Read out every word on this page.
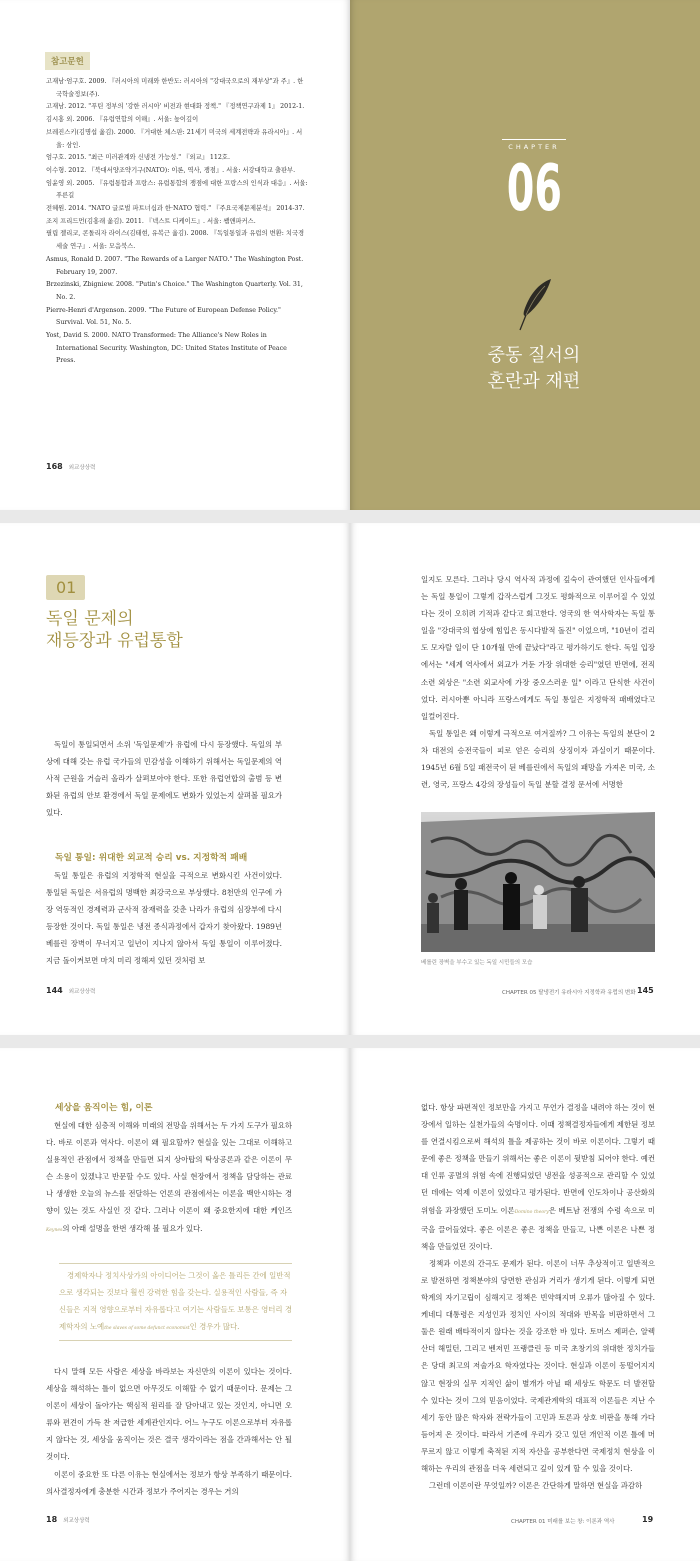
참고문헌

고재남·엄구호. 2009. 『러시아의 미래와 한반도: 러시아의 "강대국으로의 재부상"과 주』. 한국학술정보(주).

고재남. 2012. "푸틴 정부의 '강한 러시아' 비전과 현대화 정책." 『정책연구과제 1』 2012-1.

김시홍 외. 2006. 『유럽연합의 이해』. 서울: 높이깊이

브레진스키(김명섭 옮김). 2000. 『거대한 체스판: 21세기 미국의 세계전략과 유라시아』. 서울: 삼인.

엄구호. 2015. "최근 미러관계와 신냉전 가능성." 『외교』 112호.

이수형. 2012. 『북대서양조약기구(NATO): 이론, 역사, 쟁점』. 서울: 서강대학교 출판부.

임윤영 외. 2005. 『유럽통합과 프랑스: 유럽통합의 쟁점에 대한 프랑스의 인식과 대응』. 서울: 푸른길

전혜원. 2014. "NATO 글로벌 파트너십과 한·NATO 협력." 『주요국제문제분석』 2014-37.

조지 프리드먼(김홍래 옮김). 2011. 『넥스트 디케이드』. 서울: 쌤앤파커스.

필립 젤리코, 콘돌리자 라이스(김태현, 유복근 옮김). 2008. 『독일통일과 유럽의 변환: 치국경세술 연구』. 서울: 모음북스.

Asmus, Ronald D. 2007. "The Rewards of a Larger NATO." The Washington Post. February 19, 2007.

Brzezinski, Zbigniew. 2008. "Putin's Choice." The Washington Quarterly. Vol. 31, No. 2.

Pierre-Henri d'Argenson. 2009. "The Future of European Defense Policy." Survival. Vol. 51, No. 5.

Yost, David S. 2000. NATO Transformed: The Alliance's New Roles in International Security. Washington, DC: United States Institute of Peace Press.

168 외교상상력
CHAPTER
06
중동 질서의
혼란과 재편
01
독일 문제의
재등장과 유럽통합

독일이 통일되면서 소위 '독일문제'가 유럽에 다시 등장했다. 독일의 부상에 대해 갖는 유럽 국가들의 민감성을 이해하기 위해서는 독일문제의 역사적 근원을 거슬러 올라가 살펴보아야 한다. 또한 유럽연합의 출범 등 변화된 유럽의 안보 환경에서 독일 문제에도 변화가 있었는지 살펴볼 필요가 있다.

독일 통일: 위대한 외교적 승리 vs. 지정학적 패배

독일 통일은 유럽의 지정학적 현실을 극적으로 변화시킨 사건이었다. 통일된 독일은 서유럽의 명백한 최강국으로 부상했다. 8천만의 인구에 가장 역동적인 경제력과 군사적 잠재력을 갖춘 나라가 유럽의 심장부에 다시 등장한 것이다. 독일 통일은 냉전 종식과정에서 갑자기 찾아왔다. 1989년 베를린 장벽이 무너지고 일년이 지나지 않아서 독일 통일이 이루어졌다. 지금 돌이켜보면 마치 미리 정해져 있던 것처럼 보

144 외교상상력

일지도 모른다. 그러나 당시 역사적 과정에 깊숙이 관여했던 인사들에게는 독일 통일이 그렇게 갑작스럽게 그것도 평화적으로 이루어질 수 있었다는 것이 오히려 기적과 같다고 회고한다. 영국의 한 역사학자는 독일 통일을 "강대국의 협상에 힘입은 동시다발적 돌진" 이었으며, "10년이 걸리도 모자랄 일이 단 10개월 만에 끝났다"라고 평가하기도 한다. 독일 입장에서는 "세계 역사에서 외교가 거둔 가장 위대한 승리"였던 반면에, 전직 소련 외상은 "소련 외교사에 가장 중오스러운 일" 이라고 단식한 사건이었다. 러시아뿐 아니라 프랑스에게도 독일 통일은 지정학적 패배였다고 일컬어진다.

독일 통일은 왜 이렇게 극적으로 여겨질까? 그 이유는 독일의 분단이 2차 대전의 승전국들이 피로 얻은 승리의 상징이자 과실이기 때문이다. 1945년 6월 5일 패전국이 된 베를린에서 독일의 패망을 가져온 미국, 소련, 영국, 프랑스 4강의 장성들이 독일 분할 결정 문서에 서명한

베를린 장벽을 부수고 있는 독일 시민들의 모습
CHAPTER 05 탈냉전기 유라시아 지정학과 유럽의 변화 145
세상을 움직이는 힘, 이론

현실에 대한 심층적 이해와 미래의 전망을 위해서는 두 가지 도구가 필요하다. 바로 이론과 역사다. 이론이 왜 필요할까? 현실을 있는 그대로 이해하고 실용적인 관점에서 정책을 만들면 되지 상아탑의 탁상공론과 같은 이론이 무슨 소용이 있겠냐고 반문할 수도 있다. 사실 현장에서 정책을 담당하는 관료나 생생한 오늘의 뉴스를 전달하는 언론의 관점에서는 이론을 백안시하는 경향이 있는 것도 사실인 것 같다. 그러나 이론이 왜 중요한지에 대한 케인즈Keynes의 아래 설명을 한번 생각해 볼 필요가 있다.

경제학자나 정치사상가의 아이디어는 그것이 옳은 틀리든 간에 일반적으로 생각되는 것보다 훨씬 강력한 힘을 갖는다. 실용적인 사람들, 즉 자신들은 지적 영향으로부터 자유롭다고 여기는 사람들도 보통은 영터리 경제학자의 노예the slaves of some defunct economist인 경우가 많다.

다시 말해 모든 사람은 세상을 바라보는 자신만의 이론이 있다는 것이다. 세상을 해석하는 틀이 없으면 아무것도 이해할 수 없기 때문이다. 문제는 그 이론이 세상이 돌아가는 핵심적 원리를 잘 담아내고 있는 것인지, 아니면 오류와 편견이 가득 찬 저급한 세계관인지다. 어느 누구도 이론으로부터 자유롭지 않다는 것, 세상을 움직이는 것은 결국 생각이라는 점을 간과해서는 안 될 것이다.

이론이 중요한 또 다른 이유는 현실에서는 정보가 항상 부족하기 때문이다. 의사결정자에게 충분한 시간과 정보가 주어지는 경우는 거의

18 외교상상력

없다. 항상 파편적인 정보만을 가지고 무언가 결정을 내려야 하는 것이 현장에서 일하는 실천가들의 숙명이다. 이때 정책결정자들에게 제한된 정보를 연결시킴으로써 해석의 틀을 제공하는 것이 바로 이론이다. 그렇기 때문에 좋은 정책을 만들기 위해서는 좋은 이론이 뒷받침 되어야 한다. 예컨대 인류 공멸의 위험 속에 진행되었던 냉전을 성공적으로 관리할 수 있었던 데에는 억제 이론이 있었다고 평가된다. 반면에 인도차이나 공산화의 위험을 과장했던 도미노 이론Domino theory은 베트남 전쟁의 수렁 속으로 미국을 끌어들였다. 좋은 이론은 좋은 정책을 만들고, 나쁜 이론은 나쁜 정책을 만들었던 것이다.

정책과 이론의 간극도 문제가 된다. 이론이 너무 추상적이고 일반적으로 발전하면 정책분야의 당면한 관심과 거리가 생기게 된다. 이렇게 되면 학계의 자기고립이 심해지고 정책은 빈약해지며 오류가 많아질 수 있다. 케네디 대통령은 지성인과 정치인 사이의 적대와 반목을 비판하면서 그 둘은 원래 배타적이지 않다는 것을 강조한 바 있다. 토머스 제퍼슨, 알렉산더 해밀턴, 그리고 벤저민 프랭클린 등 미국 초창기의 위대한 정치가들은 당대 최고의 저술가요 학자였다는 것이다. 현실과 이론이 동떨어지지 않고 현장의 실무 지적인 삶이 별개가 아닐 때 세상도 학문도 더 발전할 수 있다는 것이 그의 믿음이었다. 국제관계학의 대표적 이론들은 지난 수세기 동안 많은 학자와 전략가들이 고민과 토론과 상호 비판을 통해 가다듬어져 온 것이다. 따라서 기존에 우리가 갖고 있던 개인적 이론 틀에 머무르지 않고 이렇게 축적된 지적 자산을 공부한다면 국제정치 현상을 이해하는 우리의 관점을 더욱 세련되고 깊이 있게 할 수 있을 것이다.

그런데 이론이란 무엇일까? 이론은 간단하게 말하면 현실을 과감하

CHAPTER 01 미래를 보는 창: 이론과 역사	19
